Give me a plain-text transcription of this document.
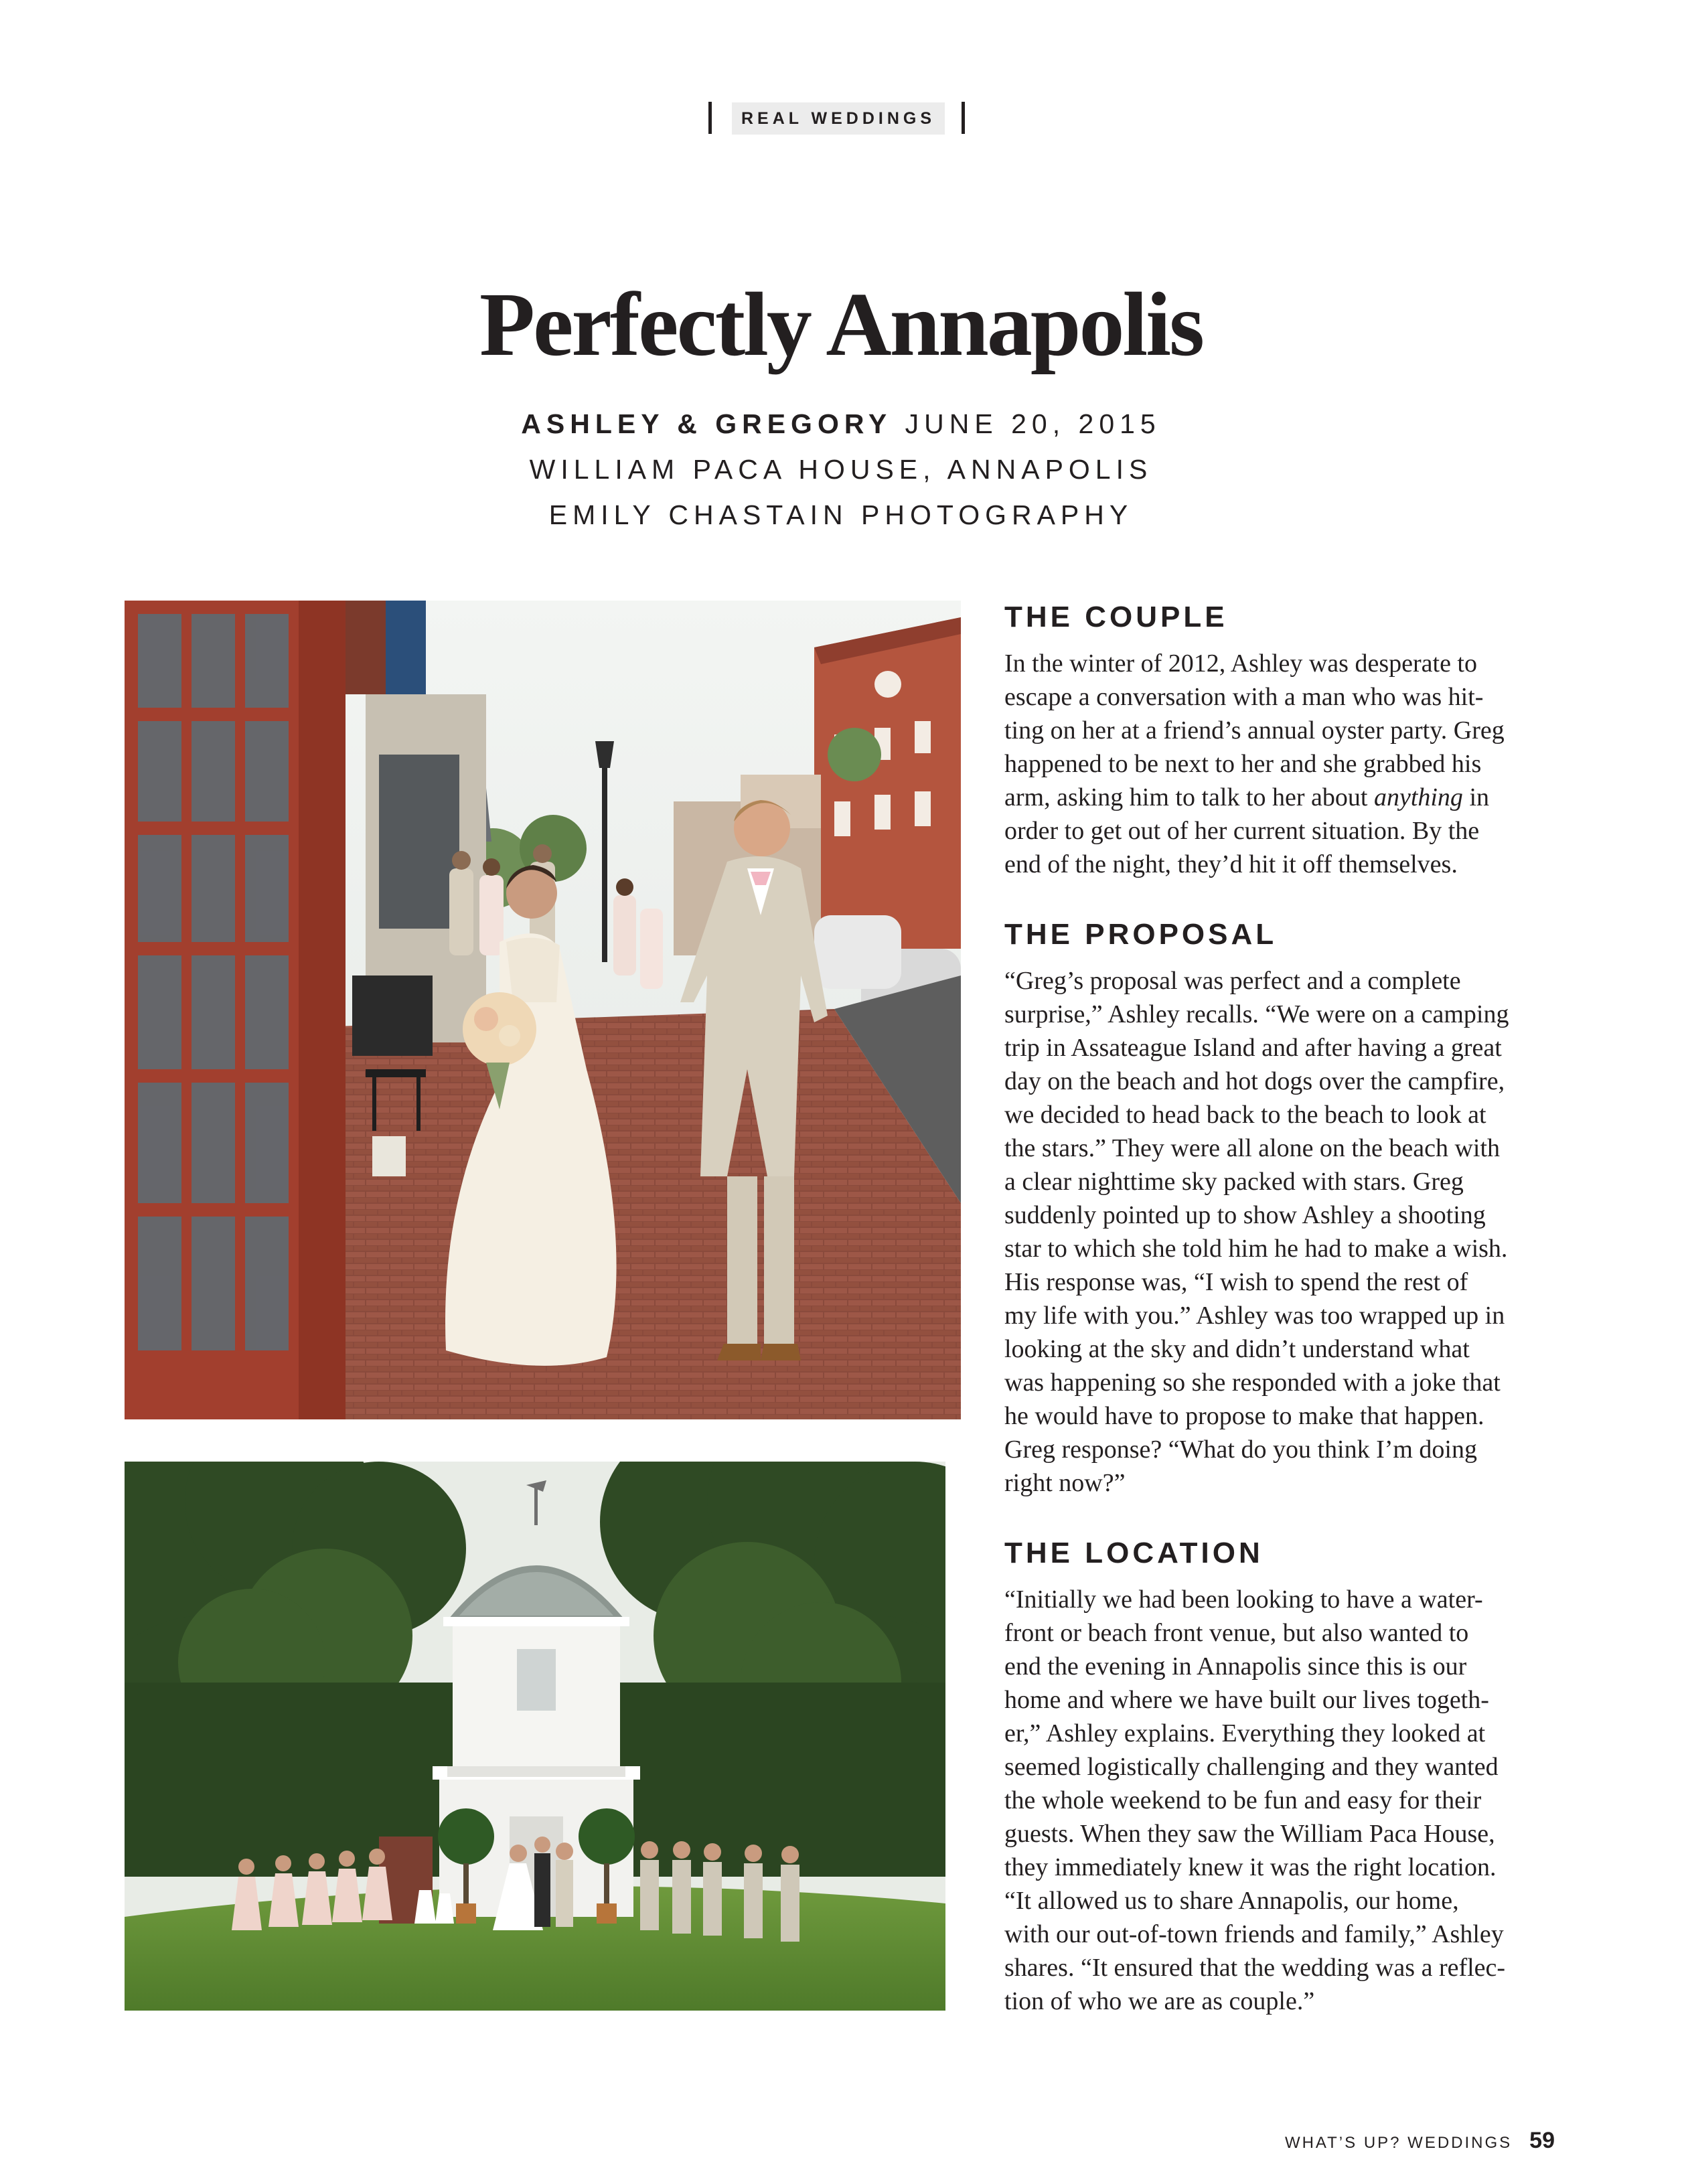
REAL WEDDINGS
Perfectly Annapolis
ASHLEY & GREGORY JUNE 20, 2015
WILLIAM PACA HOUSE, ANNAPOLIS
EMILY CHASTAIN PHOTOGRAPHY
THE COUPLE

In the winter of 2012, Ashley was desperate to
escape a conversation with a man who was hit-
ting on her at a friend’s annual oyster party. Greg
happened to be next to her and she grabbed his
arm, asking him to talk to her about anything in
order to get out of her current situation. By the
end of the night, they’d hit it off themselves.

THE PROPOSAL

“Greg’s proposal was perfect and a complete
surprise,” Ashley recalls. “We were on a camping
trip in Assateague Island and after having a great
day on the beach and hot dogs over the campfire,
we decided to head back to the beach to look at
the stars.” They were all alone on the beach with
a clear nighttime sky packed with stars. Greg
suddenly pointed up to show Ashley a shooting
star to which she told him he had to make a wish.
His response was, “I wish to spend the rest of
my life with you.” Ashley was too wrapped up in
looking at the sky and didn’t understand what
was happening so she responded with a joke that
he would have to propose to make that happen.
Greg response? “What do you think I’m doing
right now?”

THE LOCATION

“Initially we had been looking to have a water-
front or beach front venue, but also wanted to
end the evening in Annapolis since this is our
home and where we have built our lives togeth-
er,” Ashley explains. Everything they looked at
seemed logistically challenging and they wanted
the whole weekend to be fun and easy for their
guests. When they saw the William Paca House,
they immediately knew it was the right location.
“It allowed us to share Annapolis, our home,
with our out-of-town friends and family,” Ashley
shares. “It ensured that the wedding was a reflec-
tion of who we are as couple.”

WHAT’S UP? WEDDINGS 59
